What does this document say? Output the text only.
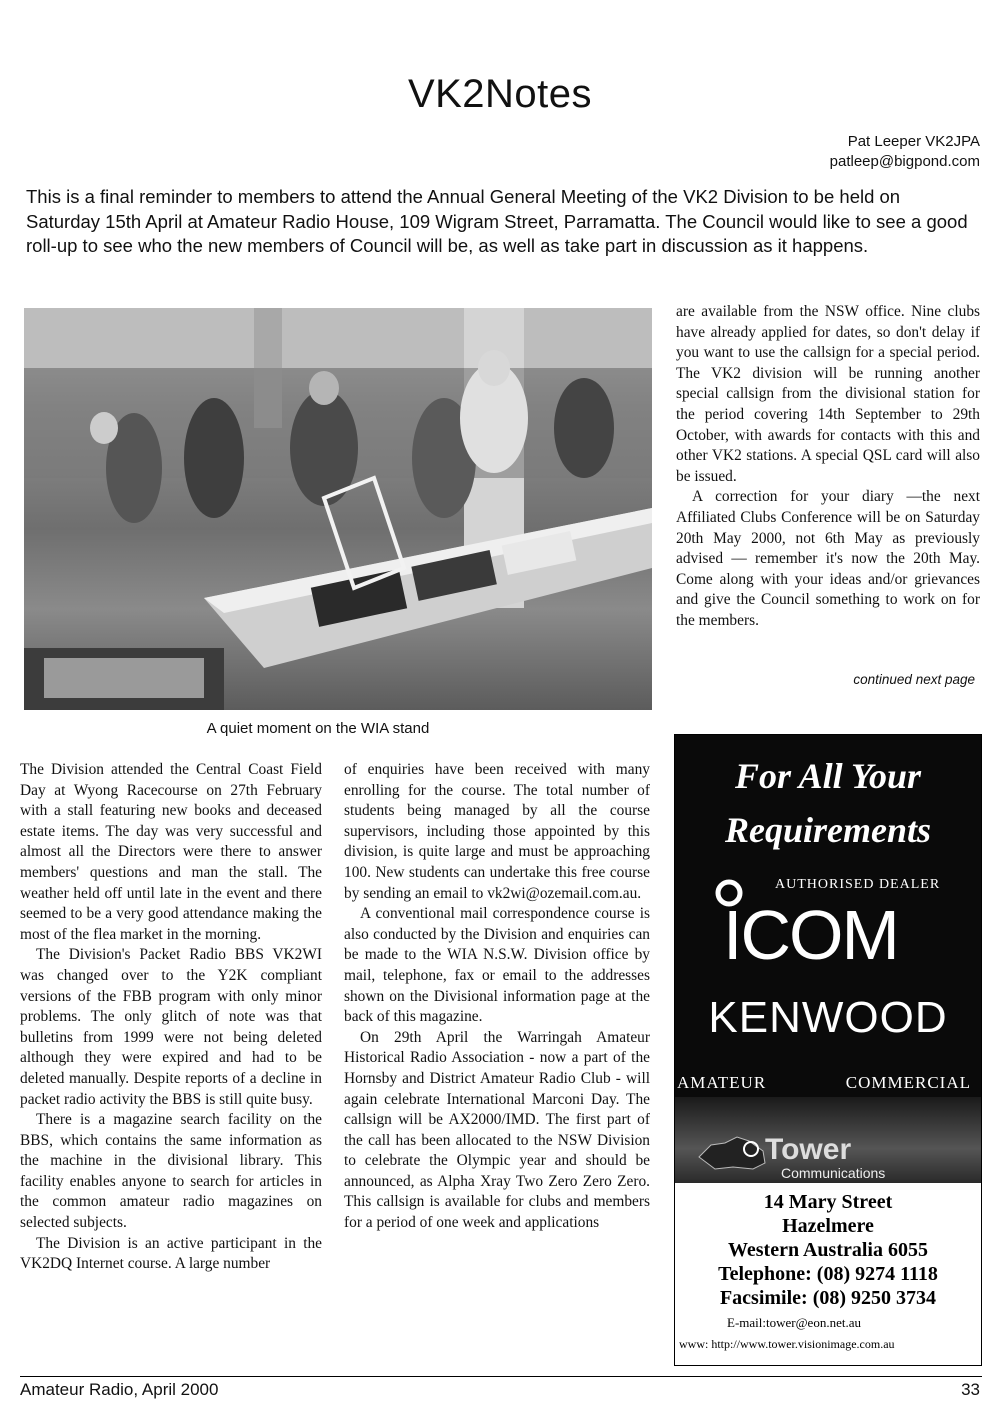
VK2Notes
Pat Leeper VK2JPA
patleep@bigpond.com
This is a final reminder to members to attend the Annual General Meeting of the VK2 Division to be held on Saturday 15th April at Amateur Radio House, 109 Wigram Street, Parramatta. The Council would like to see a good roll-up to see who the new members of Council will be, as well as take part in discussion as it happens.
A quiet moment on the WIA stand

are available from the NSW office. Nine clubs have already applied for dates, so don't delay if you want to use the callsign for a special period. The VK2 division will be running another special callsign from the divisional station for the period covering 14th September to 29th October, with awards for contacts with this and other VK2 stations. A special QSL card will also be issued.

A correction for your diary —the next Affiliated Clubs Conference will be on Saturday 20th May 2000, not 6th May as previously advised — remember it's now the 20th May. Come along with your ideas and/or grievances and give the Council something to work on for the members.

continued next page

The Division attended the Central Coast Field Day at Wyong Racecourse on 27th February with a stall featuring new books and deceased estate items. The day was very successful and almost all the Directors were there to answer members' questions and man the stall. The weather held off until late in the event and there seemed to be a very good attendance making the most of the flea market in the morning.

The Division's Packet Radio BBS VK2WI was changed over to the Y2K compliant versions of the FBB program with only minor problems. The only glitch of note was that bulletins from 1999 were not being deleted although they were expired and had to be deleted manually. Despite reports of a decline in packet radio activity the BBS is still quite busy.

There is a magazine search facility on the BBS, which contains the same information as the machine in the divisional library. This facility enables anyone to search for articles in the common amateur radio magazines on selected subjects.

The Division is an active participant in the VK2DQ Internet course. A large number

of enquiries have been received with many enrolling for the course. The total number of students being managed by all the course supervisors, including those appointed by this division, is quite large and must be approaching 100. New students can undertake this free course by sending an email to vk2wi@ozemail.com.au.

A conventional mail correspondence course is also conducted by the Division and enquiries can be made to the WIA N.S.W. Division office by mail, telephone, fax or email to the addresses shown on the Divisional information page at the back of this magazine.

On 29th April the Warringah Amateur Historical Radio Association - now a part of the Hornsby and District Amateur Radio Club - will again celebrate International Marconi Day. The callsign will be AX2000/IMD. The first part of the call has been allocated to the NSW Division to celebrate the Olympic year and should be announced, as Alpha Xray Two Zero Zero Zero. This callsign is available for clubs and members for a period of one week and applications

For All Your
Requirements
AUTHORISED DEALER
ICOM
KENWOOD
AMATEUR	COMMERCIAL
Tower
Communications
14 Mary Street
Hazelmere
Western Australia 6055
Telephone: (08) 9274 1118
Facsimile: (08) 9250 3734
E-mail:tower@eon.net.au
www: http://www.tower.visionimage.com.au
Amateur Radio, April 2000	33
